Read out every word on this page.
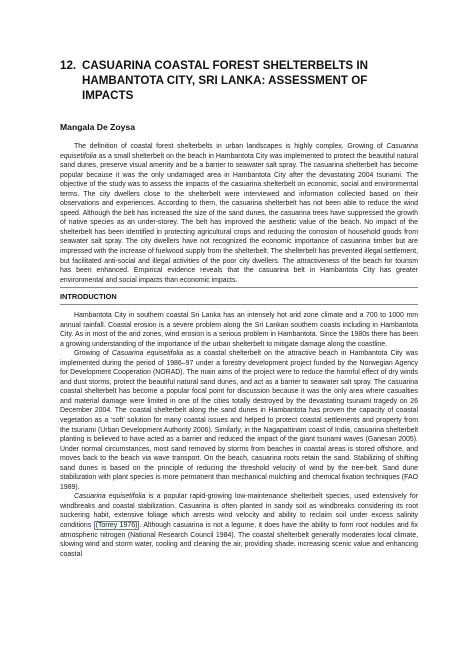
12. CASUARINA COASTAL FOREST SHELTERBELTS IN
HAMBANTOTA CITY, SRI LANKA: ASSESSMENT OF
IMPACTS

Mangala De Zoysa

The definition of coastal forest shelterbelts in urban landscapes is highly complex. Growing of Casuarina equisetifolia as a small shelterbelt on the beach in Hambantota City was implemented to protect the beautiful natural sand dunes, preserve visual amenity and be a barrier to seawater salt spray. The casuarina shelterbelt has become popular because it was the only undamaged area in Hambantota City after the devastating 2004 tsunami. The objective of the study was to assess the impacts of the casuarina shelterbelt on economic, social and environmental terms. The city dwellers close to the shelterbelt were interviewed and information collected based on their observations and experiences. According to them, the casuarina shelterbelt has not been able to reduce the wind speed. Although the belt has increased the size of the sand dunes, the casuarina trees have suppressed the growth of native species as an under-storey. The belt has improved the aesthetic value of the beach. No impact of the shelterbelt has been identified in protecting agricultural crops and reducing the corrosion of household goods from seawater salt spray. The city dwellers have not recognized the economic importance of casuarina timber but are impressed with the increase of fuelwood supply from the shelterbelt. The shelterbelt has prevented illegal settlement, but facilitated anti-social and illegal activities of the poor city dwellers. The attractiveness of the beach for tourism has been enhanced. Empirical evidence reveals that the casuarina belt in Hambantota City has greater environmental and social impacts than economic impacts.

INTRODUCTION

Hambantota City in southern coastal Sri Lanka has an intensely hot arid zone climate and a 700 to 1000 mm annual rainfall. Coastal erosion is a severe problem along the Sri Lankan southern coasts including in Hambantota City. As in most of the arid zones, wind erosion is a serious problem in Hambantota. Since the 1980s there has been a growing understanding of the importance of the urban shelterbelt to mitigate damage along the coastline.

Growing of Casuarina equisetifolia as a coastal shelterbelt on the attractive beach in Hambantota City was implemented during the period of 1986–97 under a forestry development project funded by the Norwegian Agency for Development Cooperation (NORAD). The main aims of the project were to reduce the harmful effect of dry winds and dust storms, protect the beautiful natural sand dunes, and act as a barrier to seawater salt spray. The casuarina coastal shelterbelt has become a popular focal point for discussion because it was the only area where casualties and material damage were limited in one of the cities totally destroyed by the devastating tsunami tragedy on 26 December 2004. The coastal shelterbelt along the sand dunes in Hambantota has proven the capacity of coastal vegetation as a ‘soft’ solution for many coastal issues and helped to protect coastal settlements and property from the tsunami (Urban Development Authority 2006). Similarly, in the Nagapattinam coast of India, casuarina shelterbelt planting is believed to have acted as a barrier and reduced the impact of the giant tsunami waves (Ganesan 2005). Under normal circumstances, most sand removed by storms from beaches in coastal areas is stored offshore, and moves back to the beach via wave transport. On the beach, casuarina roots retain the sand. Stabilizing of shifting sand dunes is based on the principle of reducing the threshold velocity of wind by the tree-belt. Sand dune stabilization with plant species is more permanent than mechanical mulching and chemical fixation techniques (FAO 1989).

Casuarina equisetifolia is a popular rapid-growing low-maintenance shelterbelt species, used extensively for windbreaks and coastal stabilization. Casuarina is often planted in sandy soil as windbreaks considering its root suckering habit, extensive foliage which arrests wind velocity and ability to reclaim soil under excess salinity conditions (Torrey 1976) . Although casuarina is not a legume, it does have the ability to form root nodules and fix atmospheric nitrogen (National Research Council 1984). The coastal shelterbelt generally moderates local climate, slowing wind and storm water, cooling and cleaning the air, providing shade, increasing scenic value and enhancing coastal
